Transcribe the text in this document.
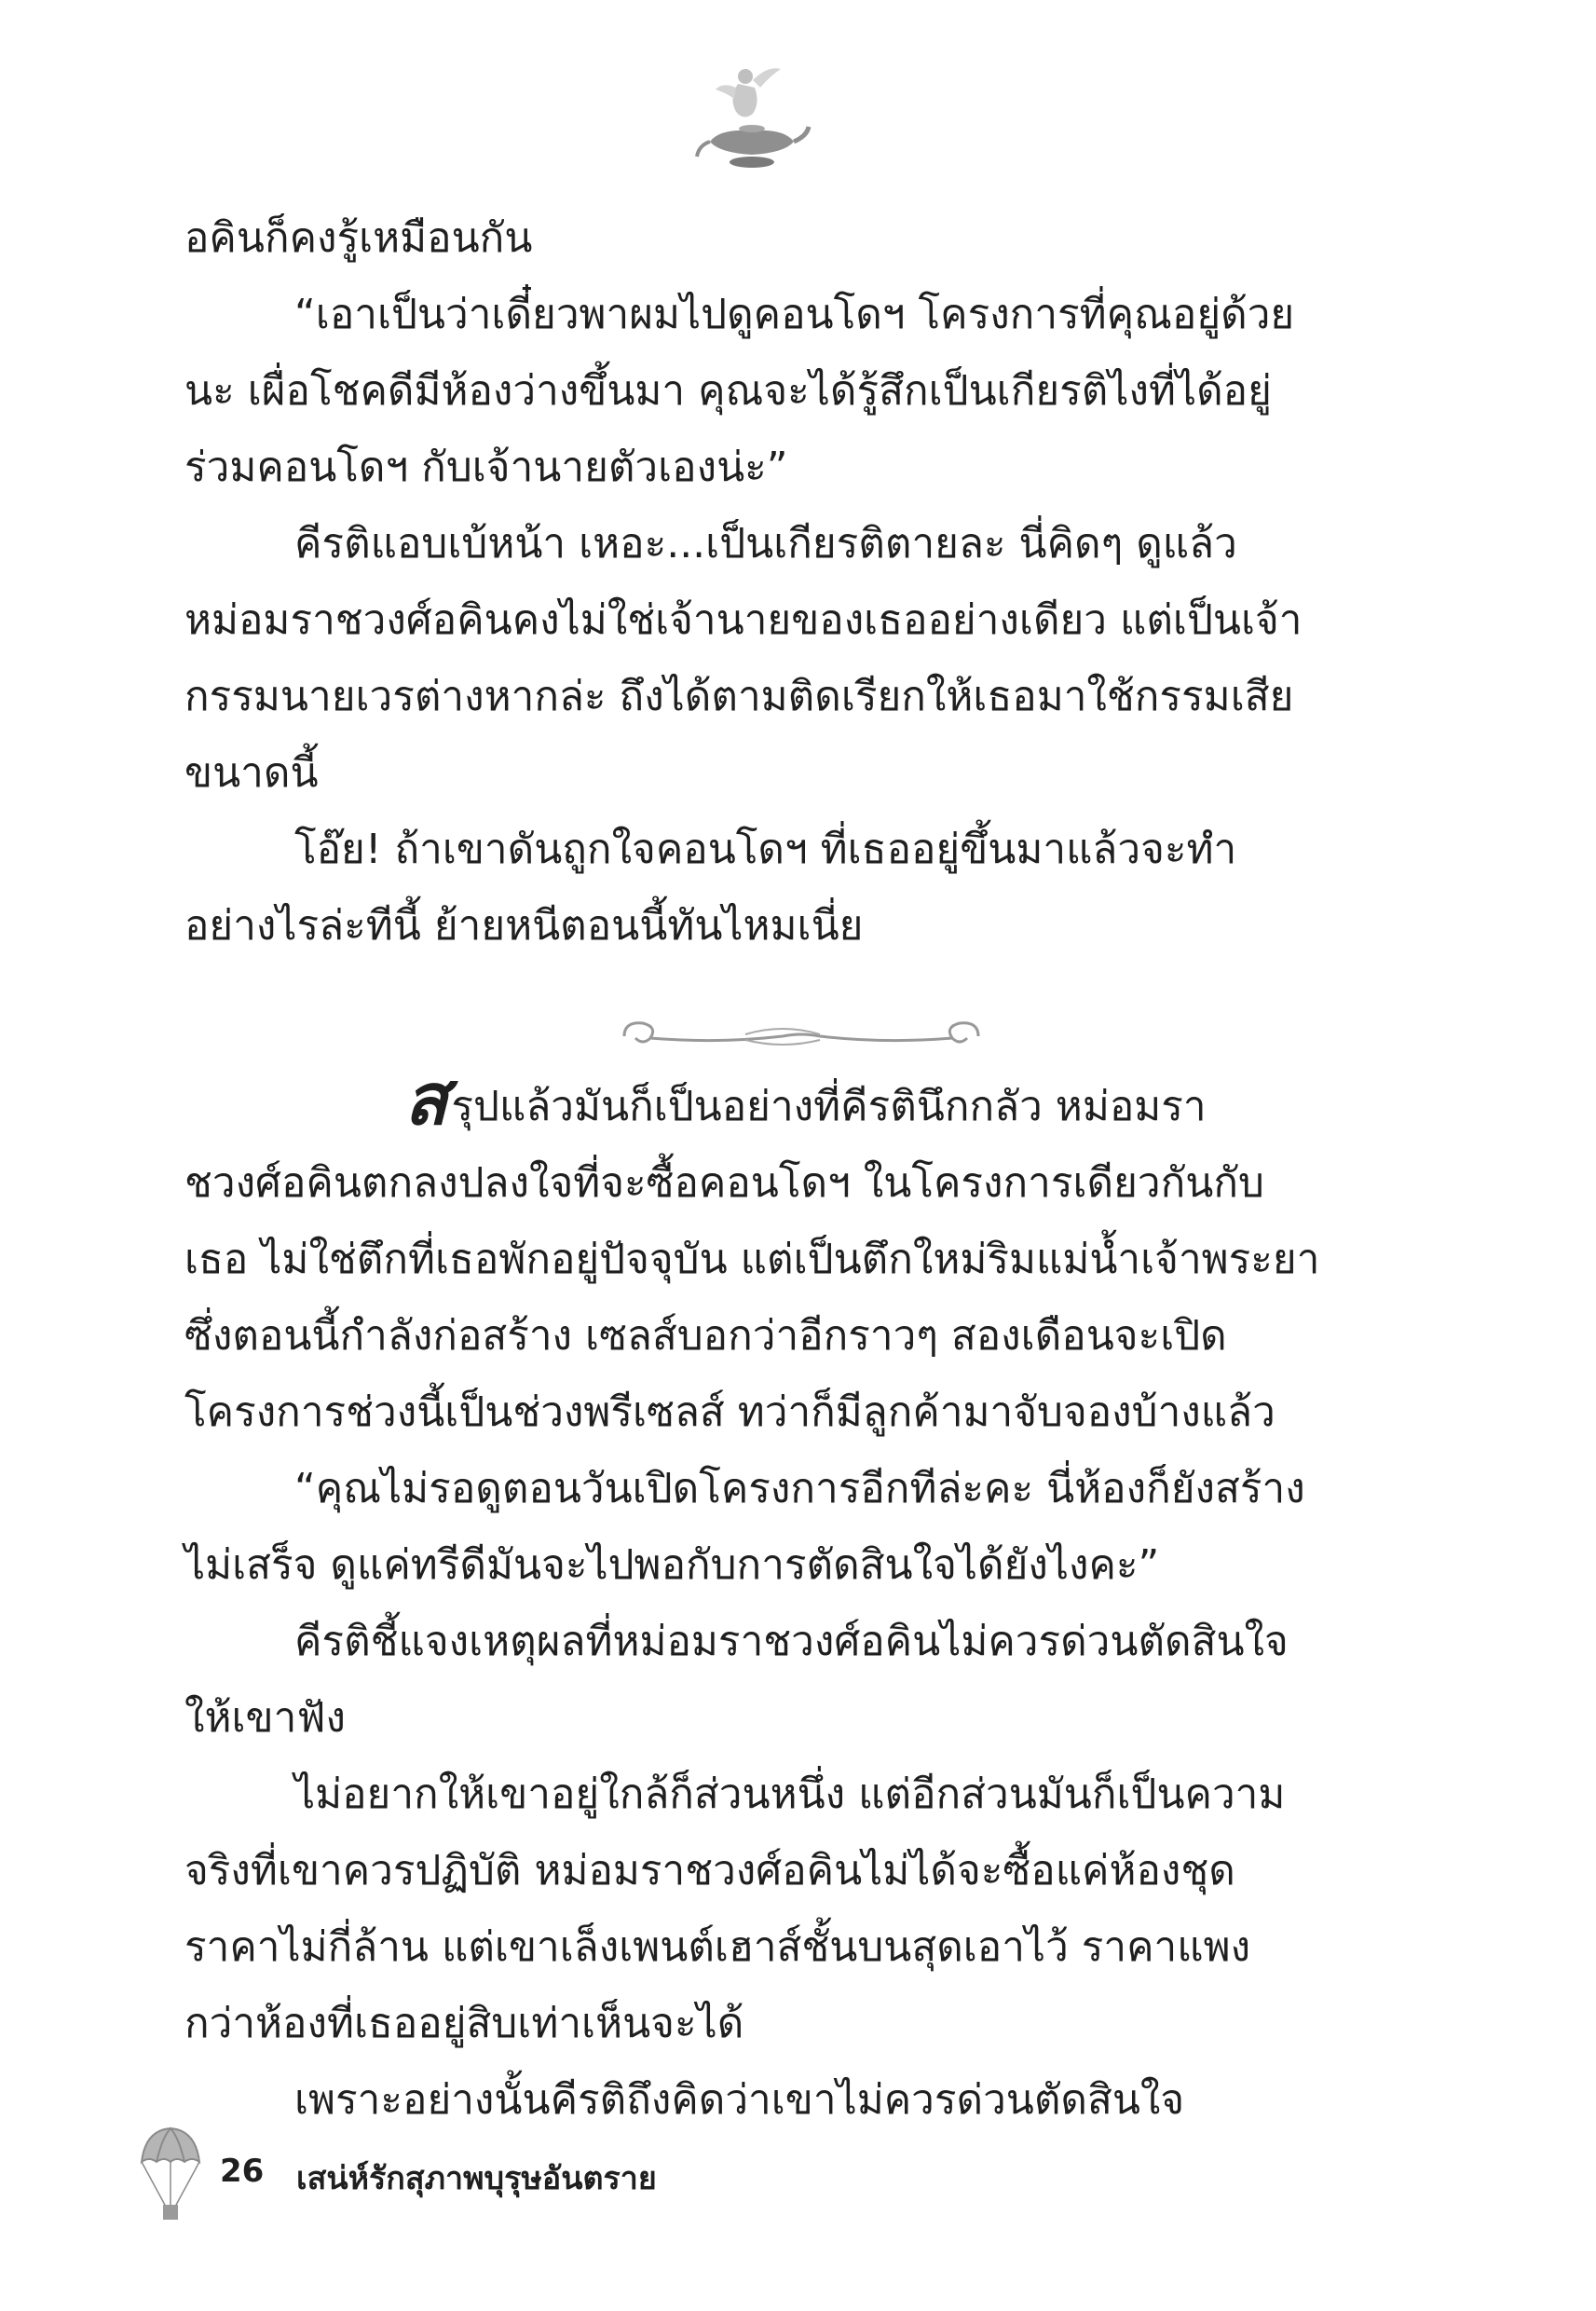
อคินก็คงรู้เหมือนกัน

“เอาเป็นว่าเดี๋ยวพาผมไปดูคอนโดฯ โครงการที่คุณอยู่ด้วยนะ เผื่อโชคดีมีห้องว่างขึ้นมา คุณจะได้รู้สึกเป็นเกียรติไงที่ได้อยู่ร่วมคอนโดฯ กับเจ้านายตัวเองน่ะ”

คีรติแอบเบ้หน้า เหอะ...เป็นเกียรติตายละ นี่คิดๆ ดูแล้วหม่อมราชวงศ์อคินคงไม่ใช่เจ้านายของเธออย่างเดียว แต่เป็นเจ้ากรรมนายเวรต่างหากล่ะ ถึงได้ตามติดเรียกให้เธอมาใช้กรรมเสียขนาดนี้

โอ๊ย! ถ้าเขาดันถูกใจคอนโดฯ ที่เธออยู่ขึ้นมาแล้วจะทำอย่างไรล่ะทีนี้ ย้ายหนีตอนนี้ทันไหมเนี่ย

สรุปแล้วมันก็เป็นอย่างที่คีรตินึกกลัว หม่อมราชวงศ์อคินตกลงปลงใจที่จะซื้อคอนโดฯ ในโครงการเดียวกันกับเธอ ไม่ใช่ตึกที่เธอพักอยู่ปัจจุบัน แต่เป็นตึกใหม่ริมแม่น้ำเจ้าพระยาซึ่งตอนนี้กำลังก่อสร้าง เซลส์บอกว่าอีกราวๆ สองเดือนจะเปิดโครงการช่วงนี้เป็นช่วงพรีเซลส์ ทว่าก็มีลูกค้ามาจับจองบ้างแล้ว

“คุณไม่รอดูตอนวันเปิดโครงการอีกทีล่ะคะ นี่ห้องก็ยังสร้างไม่เสร็จ ดูแค่ทรีดีมันจะไปพอกับการตัดสินใจได้ยังไงคะ”

คีรติชี้แจงเหตุผลที่หม่อมราชวงศ์อคินไม่ควรด่วนตัดสินใจให้เขาฟัง

ไม่อยากให้เขาอยู่ใกล้ก็ส่วนหนึ่ง แต่อีกส่วนมันก็เป็นความจริงที่เขาควรปฏิบัติ หม่อมราชวงศ์อคินไม่ได้จะซื้อแค่ห้องชุดราคาไม่กี่ล้าน แต่เขาเล็งเพนต์เฮาส์ชั้นบนสุดเอาไว้ ราคาแพงกว่าห้องที่เธออยู่สิบเท่าเห็นจะได้

เพราะอย่างนั้นคีรติถึงคิดว่าเขาไม่ควรด่วนตัดสินใจ

26 เสน่ห์รักสุภาพบุรุษอันตราย
